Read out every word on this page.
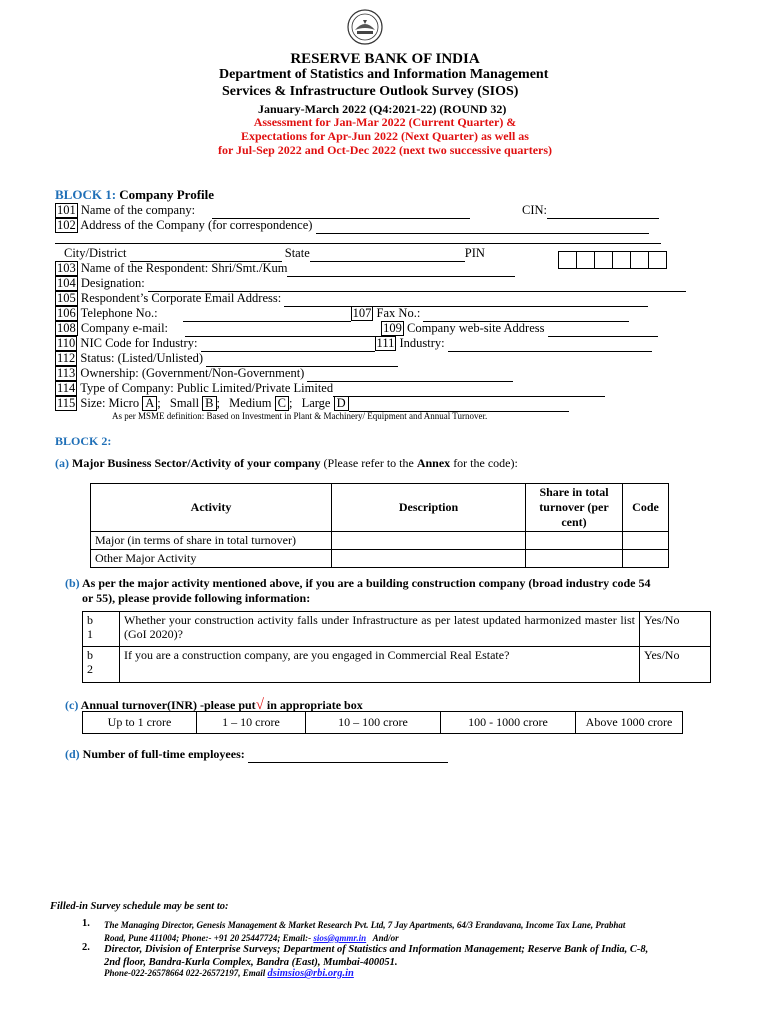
RESERVE BANK OF INDIA
Department of Statistics and Information Management
Services & Infrastructure Outlook Survey (SIOS)
January-March 2022 (Q4:2021-22) (ROUND 32)
Assessment for Jan-Mar 2022 (Current Quarter) &
Expectations for Apr-Jun 2022 (Next Quarter) as well as
for Jul-Sep 2022 and Oct-Dec 2022 (next two successive quarters)
BLOCK 1: Company Profile
101 Name of the company:	CIN:
102 Address of the Company (for correspondence)
City/District	State	PIN
103 Name of the Respondent: Shri/Smt./Kum
104 Designation:
105 Respondent’s Corporate Email Address:
106 Telephone No.:	107 Fax No.:
108 Company e-mail:	109 Company web-site Address
110 NIC Code for Industry:	111 Industry:
112 Status: (Listed/Unlisted)
113 Ownership: (Government/Non-Government)
114 Type of Company: Public Limited/Private Limited
115 Size: Micro A ; Small B ; Medium C ; Large D
As per MSME definition: Based on Investment in Plant & Machinery/ Equipment and Annual Turnover.
BLOCK 2:
(a) Major Business Sector/Activity of your company (Please refer to the Annex for the code):
Activity	Description	Share in total turnover (per cent)	Code
Major (in terms of share in total turnover)			
Other Major Activity			
(b) As per the major activity mentioned above, if you are a building construction company (broad industry code 54
or 55), please provide following information:
b
1	Whether your construction activity falls under Infrastructure as per latest updated harmonized master list (GoI 2020)?	Yes/No
b
2	If you are a construction company, are you engaged in Commercial Real Estate?	Yes/No
(c) Annual turnover(INR) -please put√ in appropriate box
Up to 1 crore	1 – 10 crore	10 – 100 crore	100 - 1000 crore	Above 1000 crore
(d) Number of full-time employees:
Filled-in Survey schedule may be sent to:
1. The Managing Director, Genesis Management & Market Research Pvt. Ltd, 7 Jay Apartments, 64/3 Erandavana, Income Tax Lane, Prabhat
Road, Pune 411004; Phone:- +91 20 25447724; Email:- sios@gmmr.in And/or
2. Director, Division of Enterprise Surveys; Department of Statistics and Information Management; Reserve Bank of India, C-8,
2nd floor, Bandra-Kurla Complex, Bandra (East), Mumbai-400051.
Phone-022-26578664 022-26572197, Email dsimsios@rbi.org.in
